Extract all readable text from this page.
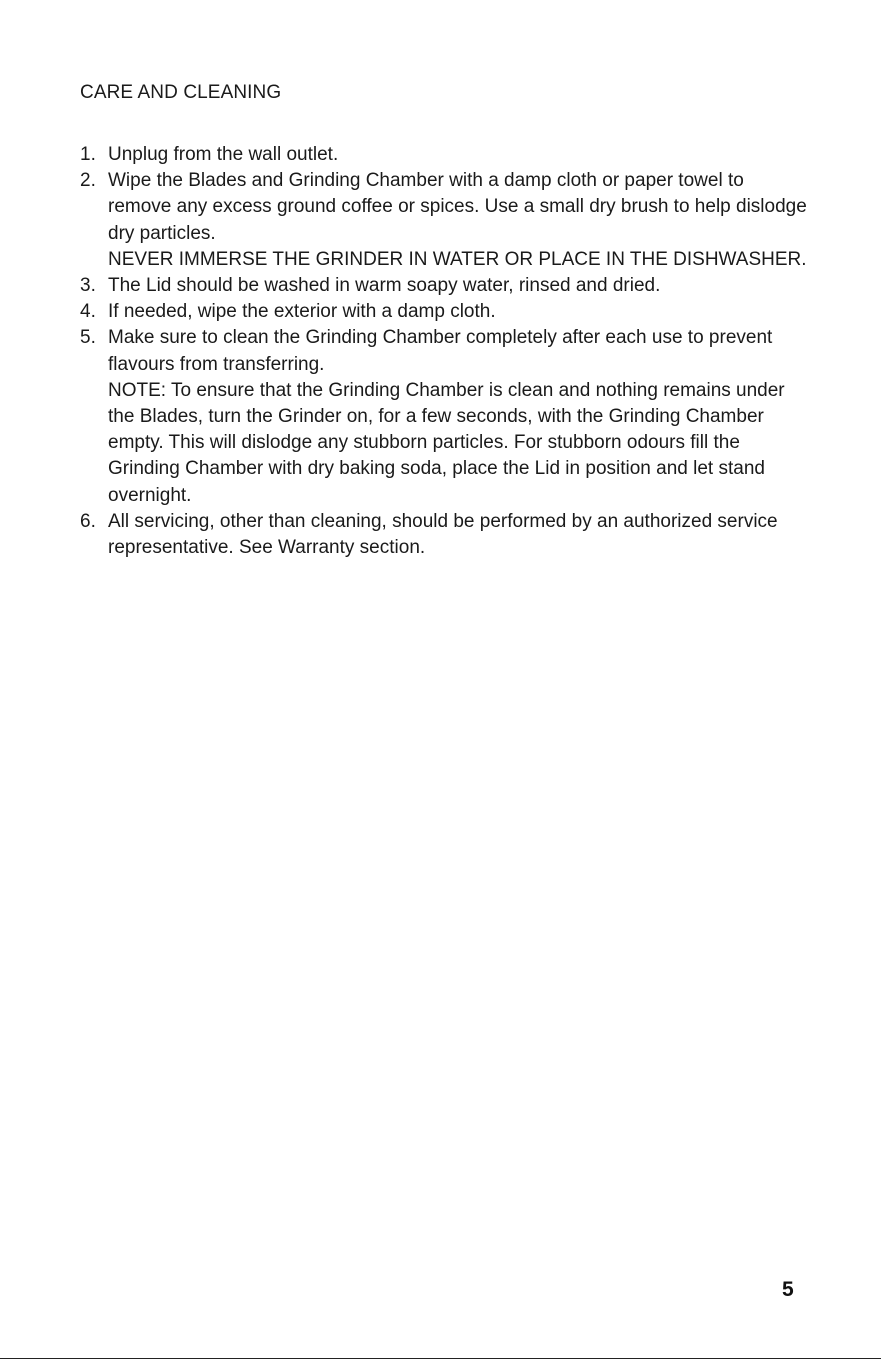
CARE AND CLEANING
1. Unplug from the wall outlet.
2. Wipe the Blades and Grinding Chamber with a damp cloth or paper towel to remove any excess ground coffee or spices. Use a small dry brush to help dislodge dry particles.
NEVER IMMERSE THE GRINDER IN WATER OR PLACE IN THE DISHWASHER.
3. The Lid should be washed in warm soapy water, rinsed and dried.
4. If needed, wipe the exterior with a damp cloth.
5. Make sure to clean the Grinding Chamber completely after each use to prevent flavours from transferring.
NOTE: To ensure that the Grinding Chamber is clean and nothing remains under the Blades, turn the Grinder on, for a few seconds, with the Grinding Chamber empty. This will dislodge any stubborn particles. For stubborn odours fill the Grinding Chamber with dry baking soda, place the Lid in position and let stand overnight.
6. All servicing, other than cleaning, should be performed by an authorized service representative. See Warranty section.
5
